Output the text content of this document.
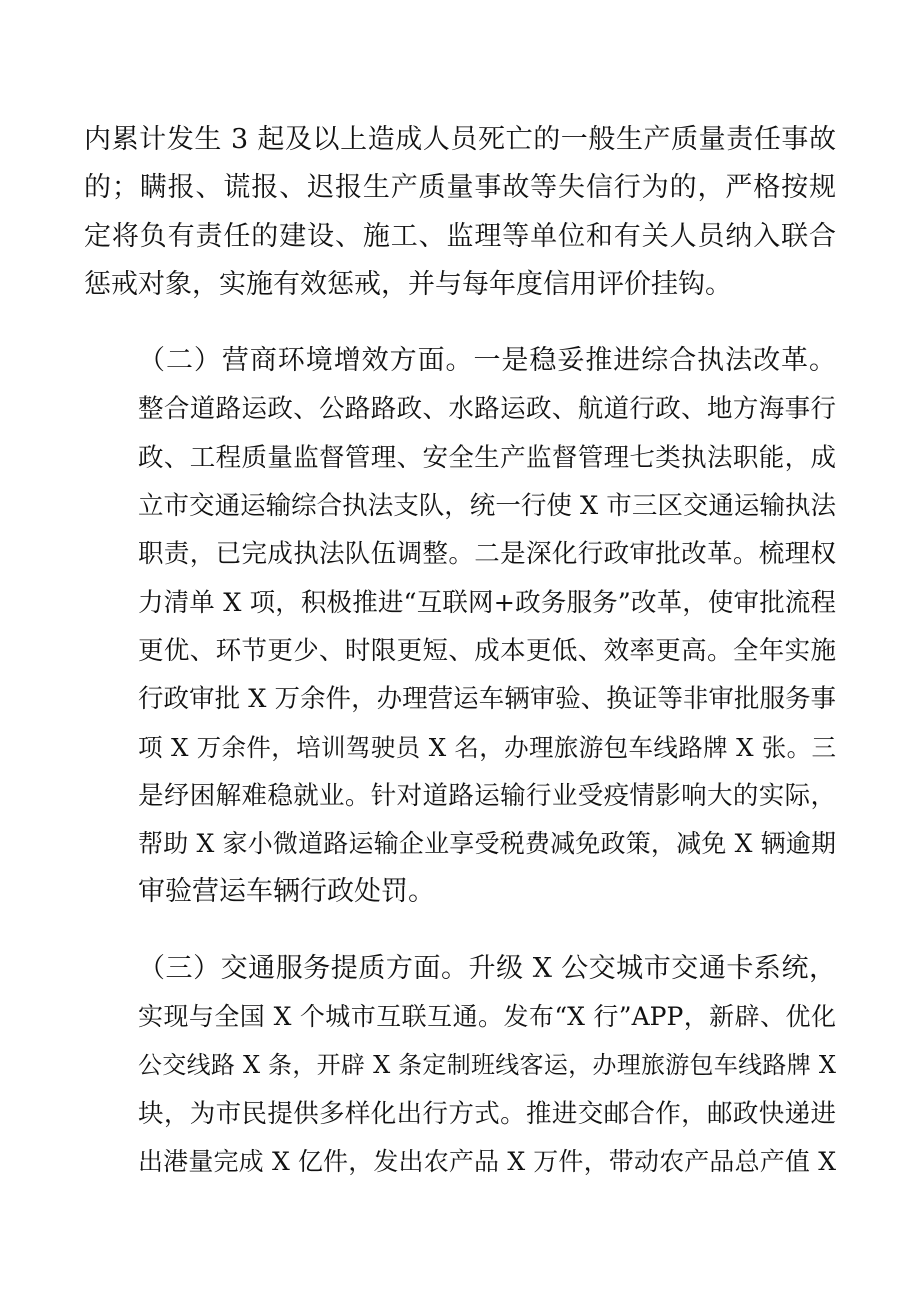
内累计发生 3 起及以上造成人员死亡的一般生产质量责任事故
的；瞒报、谎报、迟报生产质量事故等失信行为的，严格按规
定将负有责任的建设、施工、监理等单位和有关人员纳入联合
惩戒对象，实施有效惩戒，并与每年度信用评价挂钩。
（二）营商环境增效方面。一是稳妥推进综合执法改革。
整合道路运政、公路路政、水路运政、航道行政、地方海事行
政、工程质量监督管理、安全生产监督管理七类执法职能，成
立市交通运输综合执法支队，统一行使 X 市三区交通运输执法
职责，已完成执法队伍调整。二是深化行政审批改革。梳理权
力清单 X 项，积极推进“互联网+政务服务”改革，使审批流程
更优、环节更少、时限更短、成本更低、效率更高。全年实施
行政审批 X 万余件，办理营运车辆审验、换证等非审批服务事
项 X 万余件，培训驾驶员 X 名，办理旅游包车线路牌 X 张。三
是纾困解难稳就业。针对道路运输行业受疫情影响大的实际，
帮助 X 家小微道路运输企业享受税费减免政策，减免 X 辆逾期
审验营运车辆行政处罚。
（三）交通服务提质方面。升级 X 公交城市交通卡系统，
实现与全国 X 个城市互联互通。发布“X 行”APP，新辟、优化
公交线路 X 条，开辟 X 条定制班线客运，办理旅游包车线路牌 X
块，为市民提供多样化出行方式。推进交邮合作，邮政快递进
出港量完成 X 亿件，发出农产品 X 万件，带动农产品总产值 X
